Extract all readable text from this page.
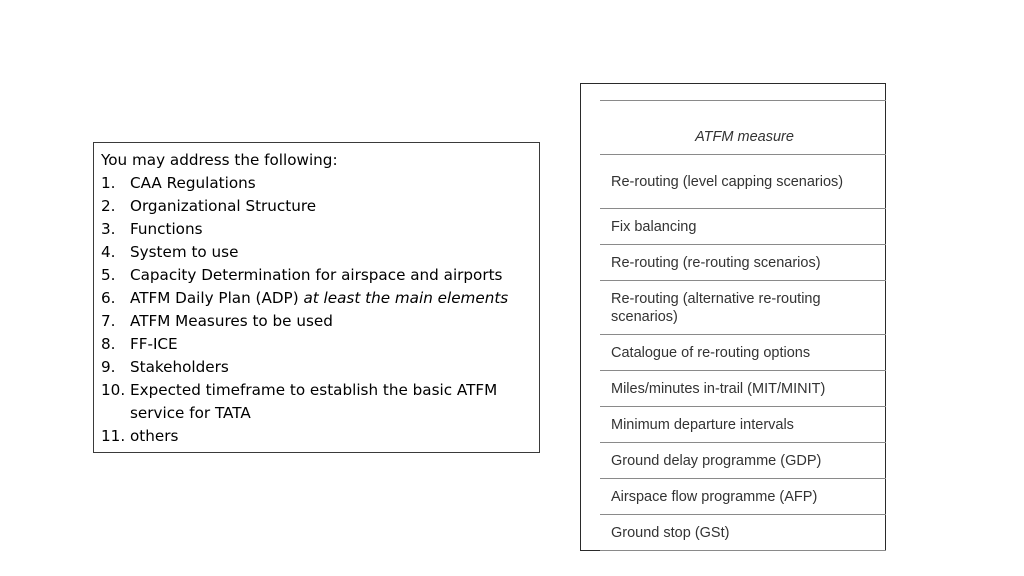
You may address the following:
1. CAA Regulations
2. Organizational Structure
3. Functions
4. System to use
5. Capacity Determination for airspace and airports
6. ATFM Daily Plan (ADP) at least the main elements
7. ATFM Measures to be used
8. FF-ICE
9. Stakeholders
10. Expected timeframe to establish the basic ATFM service for TATA
11. others
ATFM measure
Re-routing (level capping scenarios)
Fix balancing
Re-routing (re-routing scenarios)
Re-routing (alternative re-routing scenarios)
Catalogue of re-routing options
Miles/minutes in-trail (MIT/MINIT)
Minimum departure intervals
Ground delay programme (GDP)
Airspace flow programme (AFP)
Ground stop (GSt)
